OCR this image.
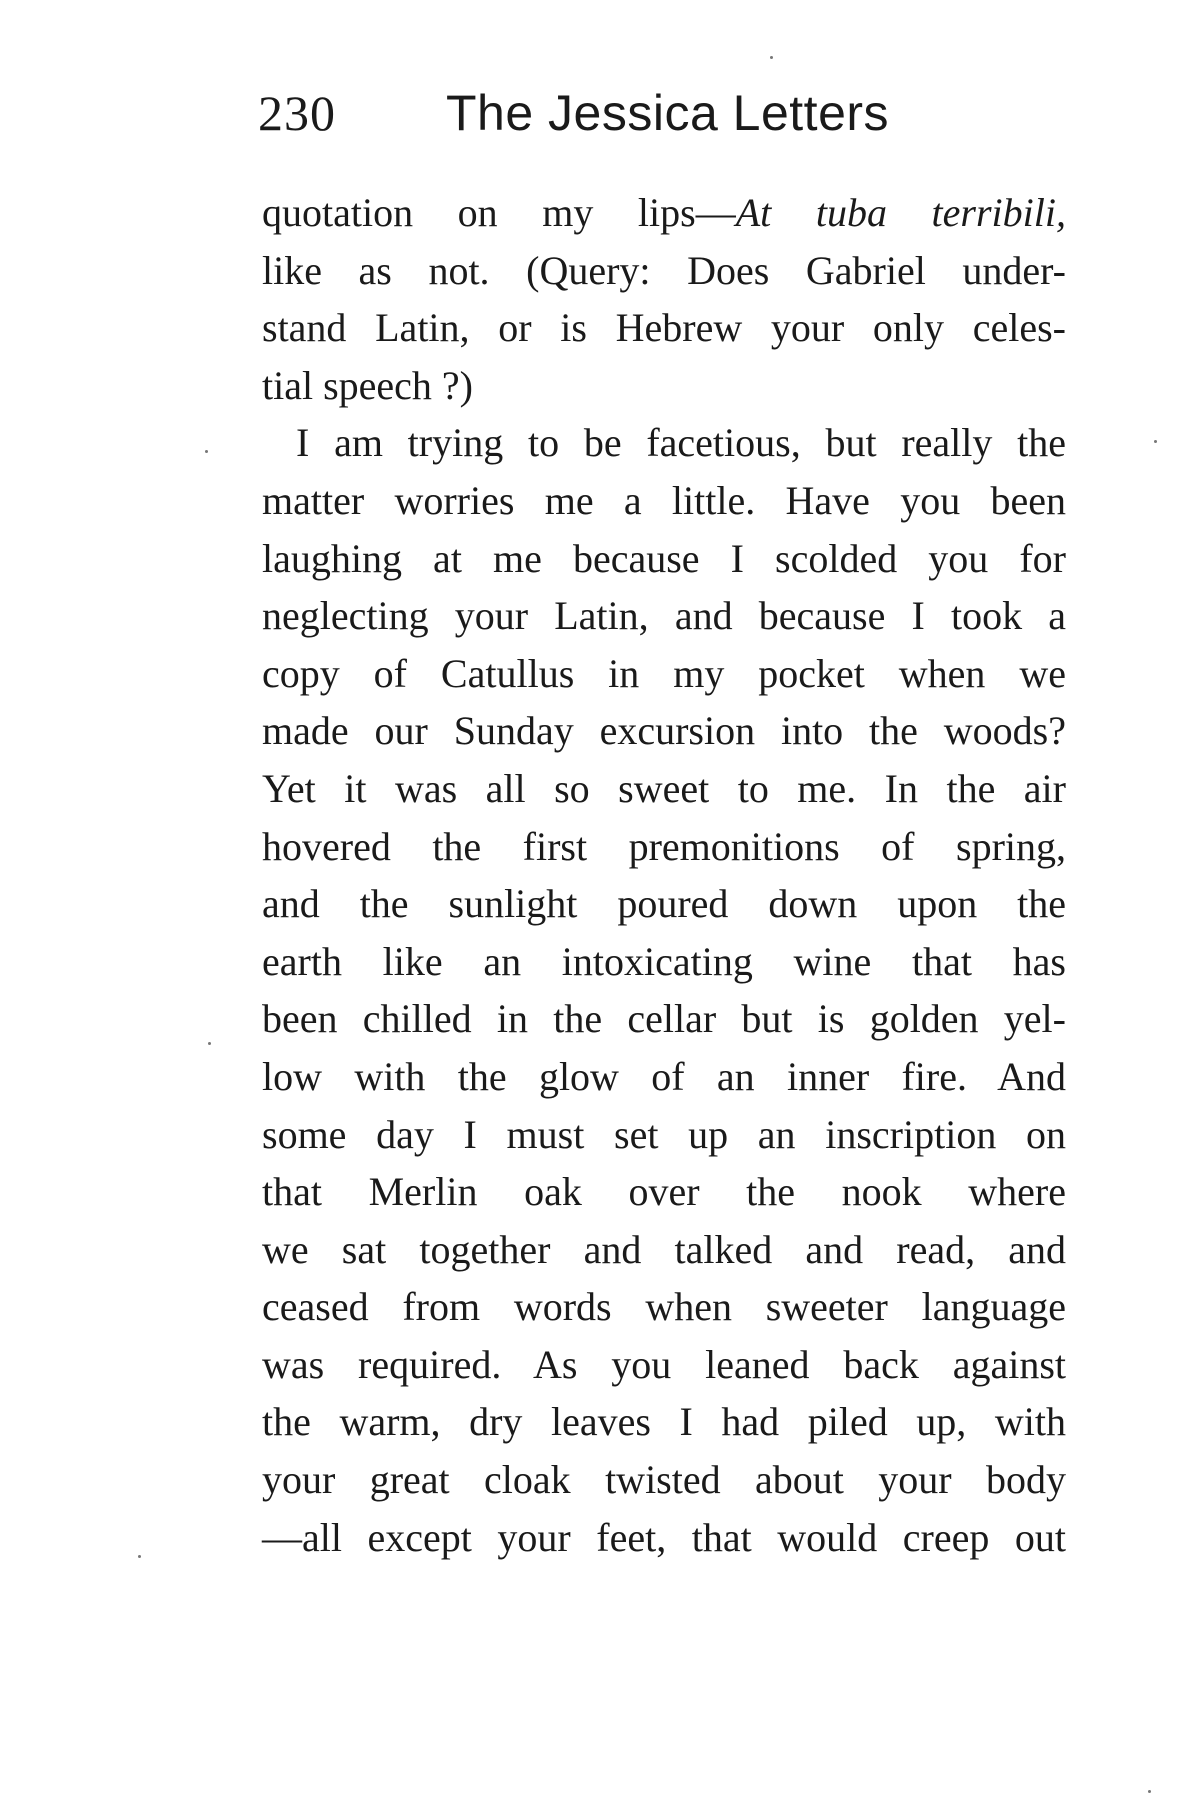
230 The Jessica Letters
quotation on my lips—At tuba terribili,
like as not. (Query: Does Gabriel under-
stand Latin, or is Hebrew your only celes-
tial speech ?)
I am trying to be facetious, but really the
matter worries me a little. Have you been
laughing at me because I scolded you for
neglecting your Latin, and because I took a
copy of Catullus in my pocket when we
made our Sunday excursion into the woods?
Yet it was all so sweet to me. In the air
hovered the first premonitions of spring,
and the sunlight poured down upon the
earth like an intoxicating wine that has
been chilled in the cellar but is golden yel-
low with the glow of an inner fire. And
some day I must set up an inscription on
that Merlin oak over the nook where
we sat together and talked and read, and
ceased from words when sweeter language
was required. As you leaned back against
the warm, dry leaves I had piled up, with
your great cloak twisted about your body
—all except your feet, that would creep out
